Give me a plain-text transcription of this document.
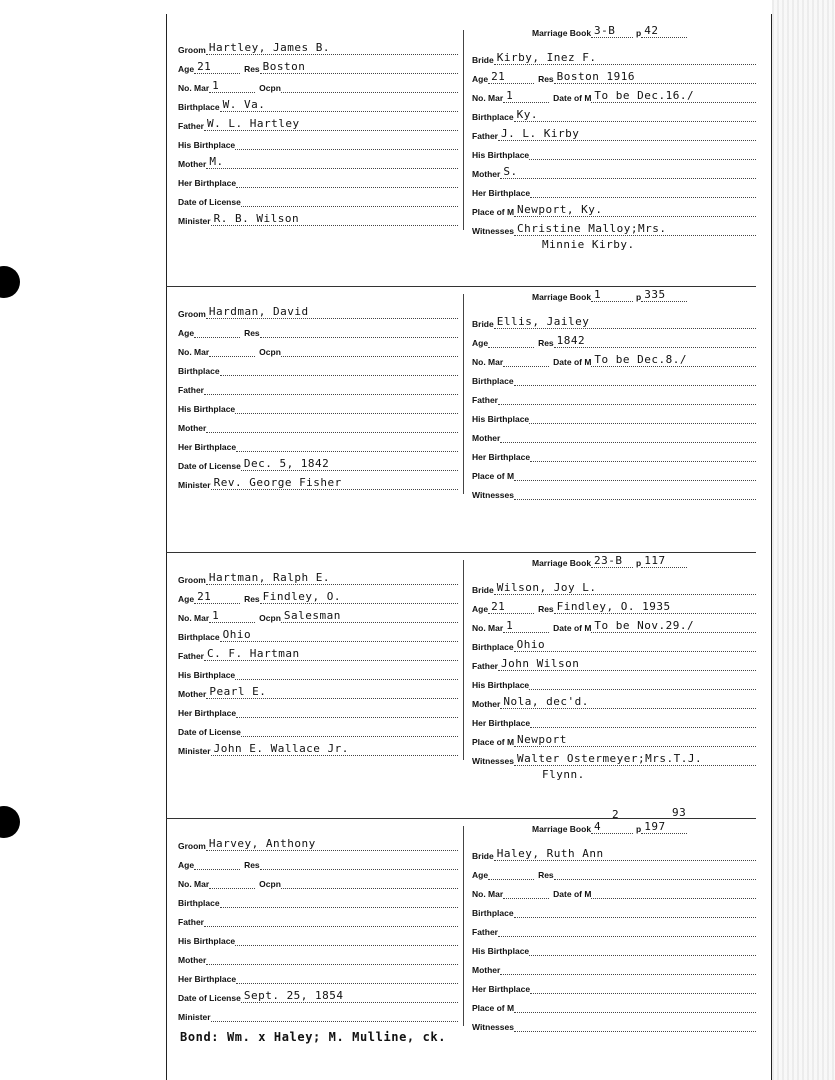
Groom Hartley, James B.
Age 21	Res Boston
No. Mar 1	Ocpn
Birthplace W. Va.
Father W. L. Hartley
His Birthplace
Mother M.
Her Birthplace
Date of License
Minister R. B. Wilson
Marriage Book 3-B	p 42
Bride Kirby, Inez F.
Age 21	Res Boston 1916
No. Mar 1	Date of M To be Dec.16./
Birthplace Ky.
Father J. L. Kirby
His Birthplace
Mother S.
Her Birthplace
Place of M Newport, Ky.
Witnesses Christine Malloy;Mrs.
Minnie Kirby.
Groom Hardman, David
Age	Res
No. Mar	Ocpn
Birthplace
Father
His Birthplace
Mother
Her Birthplace
Date of License Dec. 5, 1842
Minister Rev. George Fisher
Marriage Book 1	p 335
Bride Ellis, Jailey
Age	Res 1842
No. Mar	Date of M To be Dec.8./
Birthplace
Father
His Birthplace
Mother
Her Birthplace
Place of M
Witnesses
Groom Hartman, Ralph E.
Age 21	Res Findley, O.
No. Mar 1	Ocpn Salesman
Birthplace Ohio
Father C. F. Hartman
His Birthplace
Mother Pearl E.
Her Birthplace
Date of License
Minister John E. Wallace Jr.
Marriage Book 23-B	p 117
Bride Wilson, Joy L.
Age 21	Res Findley, O. 1935
No. Mar 1	Date of M To be Nov.29./
Birthplace Ohio
Father John Wilson
His Birthplace
Mother Nola, dec'd.
Her Birthplace
Place of M Newport
Witnesses Walter Ostermeyer;Mrs.T.J.
Flynn.
Groom Harvey, Anthony
Age	Res
No. Mar	Ocpn
Birthplace
Father
His Birthplace
Mother
Her Birthplace
Date of License Sept. 25, 1854
Minister
Marriage Book 4	p 197
2	93
Bride Haley, Ruth Ann
Age	Res
No. Mar	Date of M
Birthplace
Father
His Birthplace
Mother
Her Birthplace
Place of M
Witnesses
Bond: Wm. x Haley; M. Mulline, ck.
